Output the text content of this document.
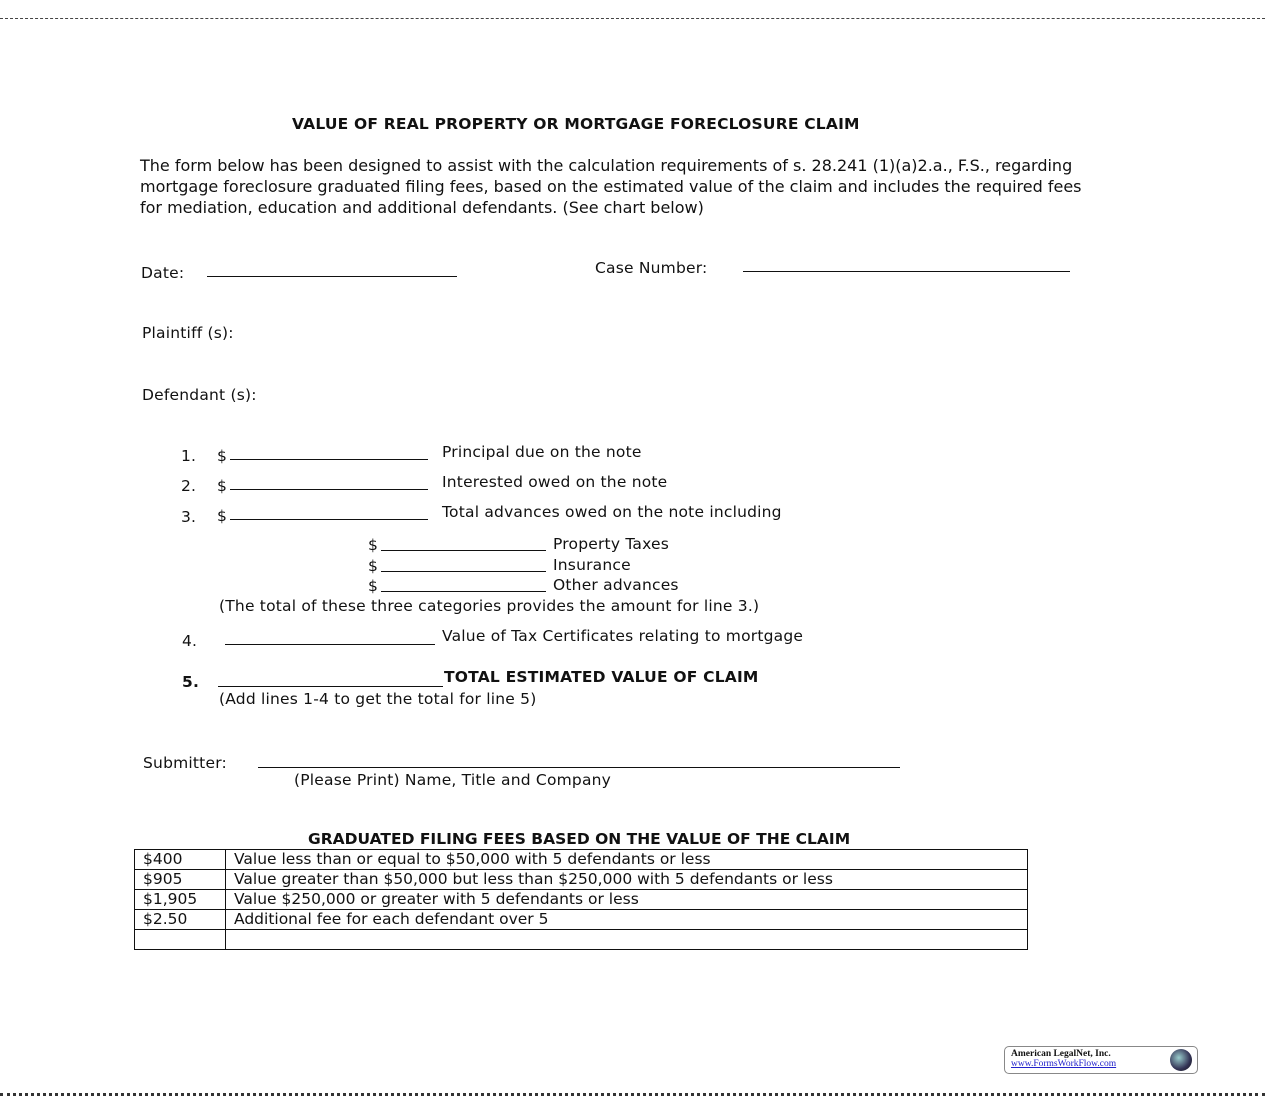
VALUE OF REAL PROPERTY OR MORTGAGE FORECLOSURE CLAIM
The form below has been designed to assist with the calculation requirements of s. 28.241 (1)(a)2.a., F.S., regarding mortgage foreclosure graduated filing fees, based on the estimated value of the claim and includes the required fees for mediation, education and additional defendants. (See chart below)
Date:	Case Number:
Plaintiff (s):
Defendant (s):
1. $	Principal due on the note
2. $	Interested owed on the note
3. $	Total advances owed on the note including
$	Property Taxes
$	Insurance
$	Other advances
(The total of these three categories provides the amount for line 3.)
4.	Value of Tax Certificates relating to mortgage
5.	TOTAL ESTIMATED VALUE OF CLAIM
(Add lines 1-4 to get the total for line 5)
Submitter:
(Please Print) Name, Title and Company
GRADUATED FILING FEES BASED ON THE VALUE OF THE CLAIM
$400	Value less than or equal to $50,000 with 5 defendants or less
$905	Value greater than $50,000 but less than $250,000 with 5 defendants or less
$1,905	Value $250,000 or greater with 5 defendants or less
$2.50	Additional fee for each defendant over 5

American LegalNet, Inc.
www.FormsWorkFlow.com
